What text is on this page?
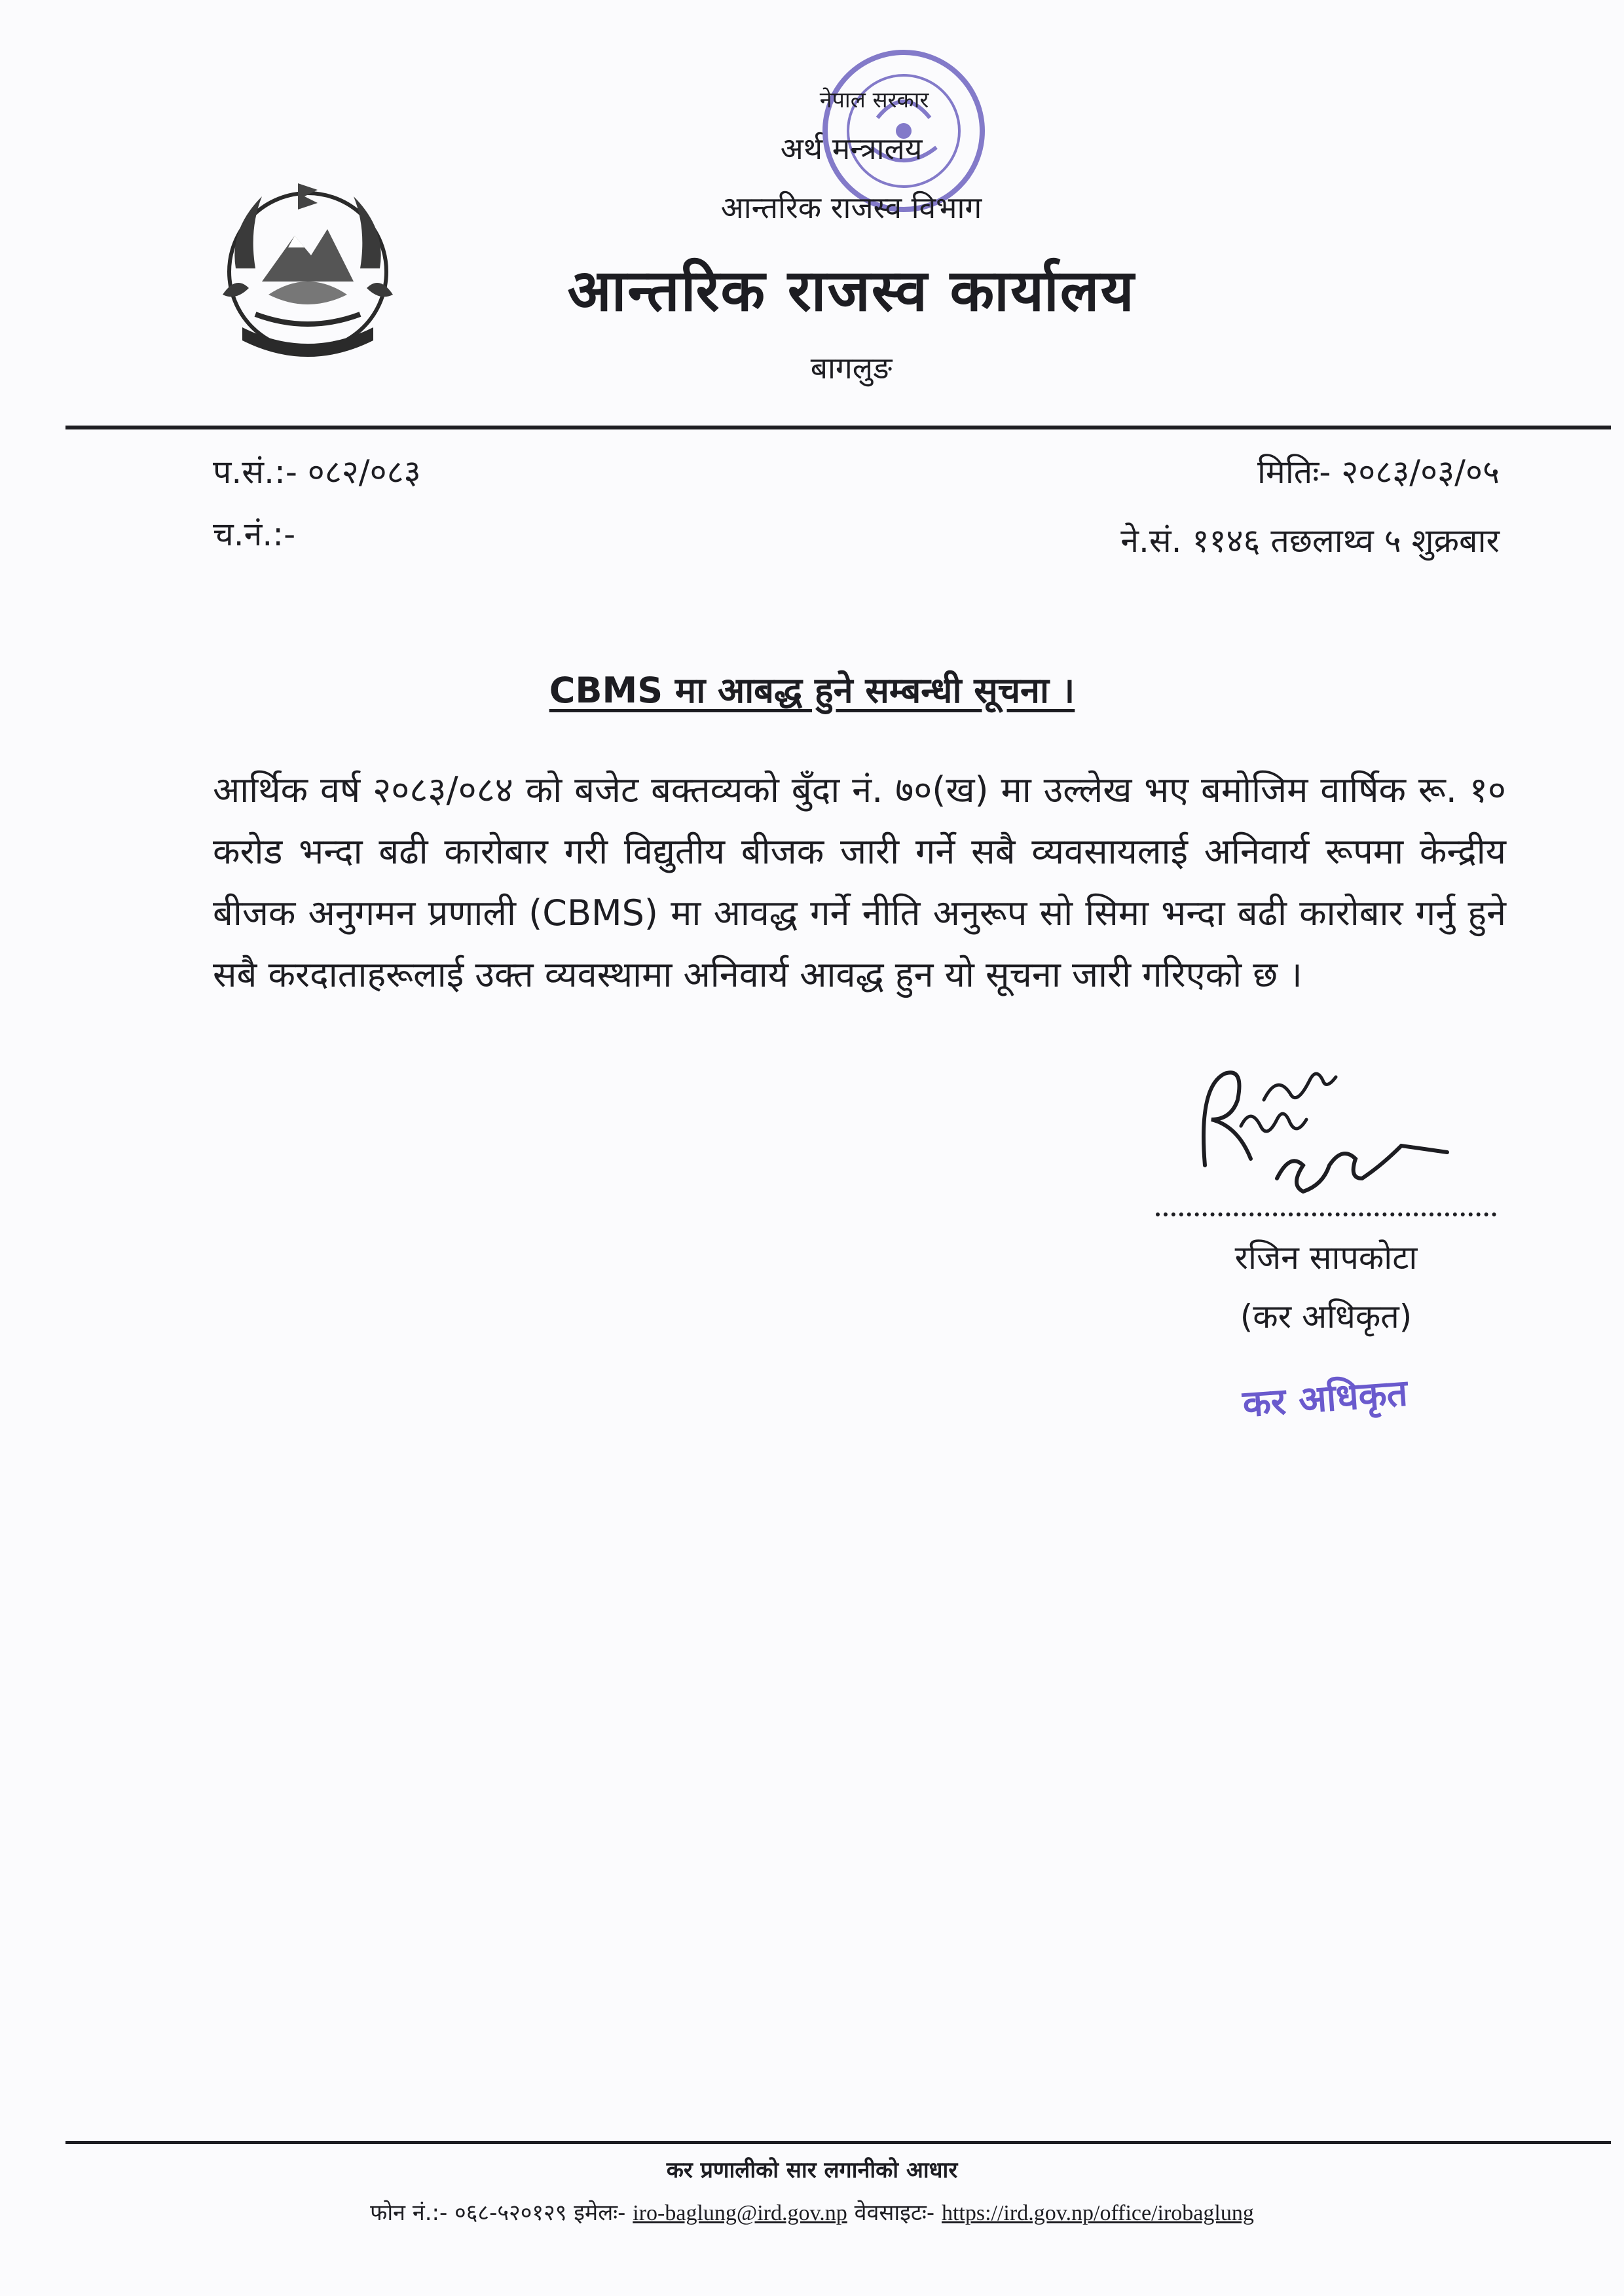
नेपाल सरकार
अर्थ मन्त्रालय
आन्तरिक राजस्व विभाग
आन्तरिक राजस्व कार्यालय
बागलुङ
प.सं.:- ०८२/०८३
च.नं.:-
मितिः- २०८३/०३/०५
ने.सं. ११४६ तछलाथ्व ५ शुक्रबार
CBMS मा आबद्ध हुने सम्बन्धी सूचना ।
आर्थिक वर्ष २०८३/०८४ को बजेट बक्तव्यको बुँदा नं. ७०(ख) मा उल्लेख भए बमोजिम वार्षिक रू. १० करोड भन्दा बढी कारोबार गरी विद्युतीय बीजक जारी गर्ने सबै व्यवसायलाई अनिवार्य रूपमा केन्द्रीय बीजक अनुगमन प्रणाली (CBMS) मा आवद्ध गर्ने नीति अनुरूप सो सिमा भन्दा बढी कारोबार गर्नु हुने सबै करदाताहरूलाई उक्त व्यवस्थामा अनिवार्य आवद्ध हुन यो सूचना जारी गरिएको छ ।
रजिन सापकोटा
(कर अधिकृत)
कर अधिकृत
कर प्रणालीको सार लगानीको आधार
फोन नं.:- ०६८-५२०१२९ इमेलः- iro-baglung@ird.gov.np वेवसाइटः- https://ird.gov.np/office/irobaglung
